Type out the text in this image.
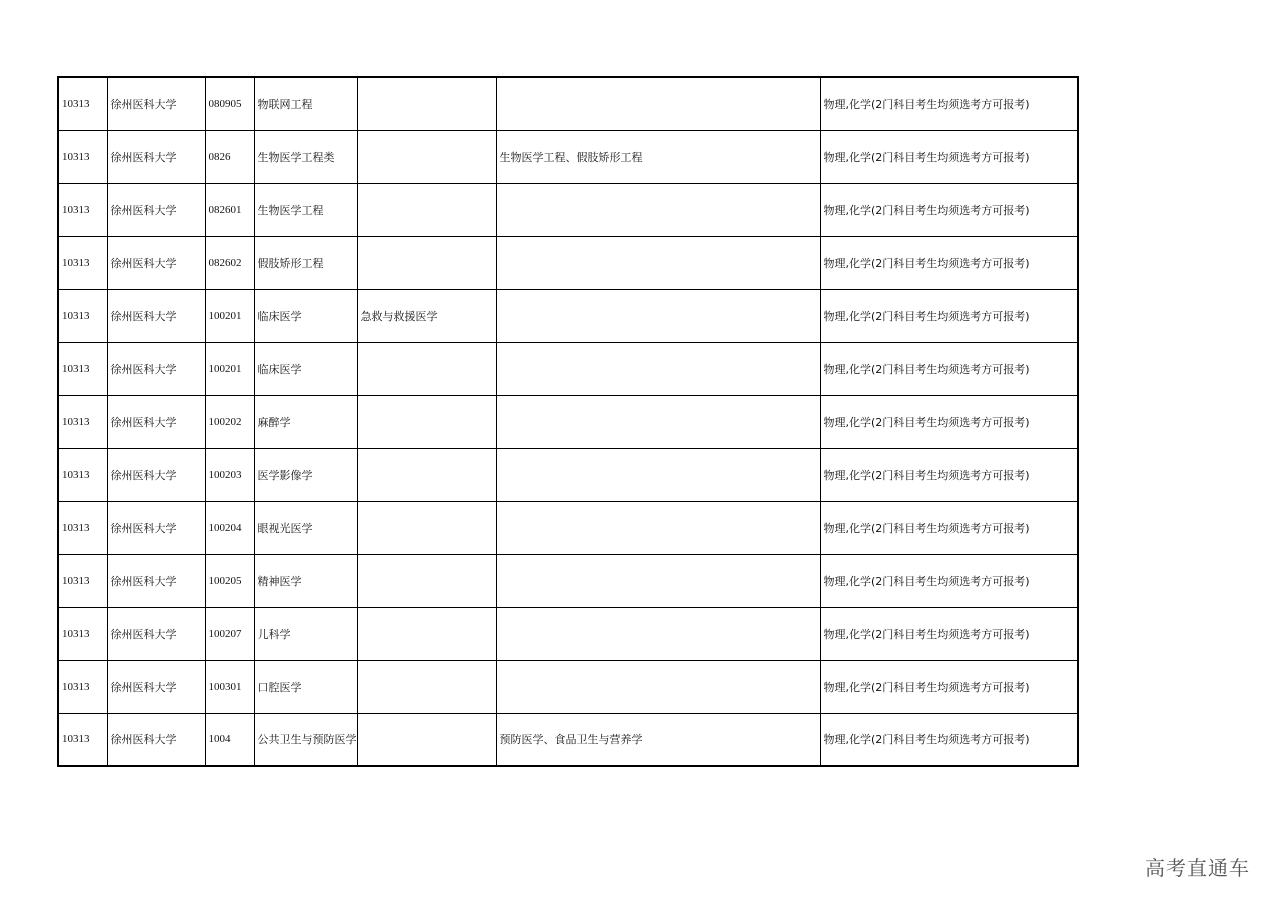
10313	徐州医科大学	080905	物联网工程			物理,化学(2门科目考生均须选考方可报考)
10313	徐州医科大学	0826	生物医学工程类		生物医学工程、假肢矫形工程	物理,化学(2门科目考生均须选考方可报考)
10313	徐州医科大学	082601	生物医学工程			物理,化学(2门科目考生均须选考方可报考)
10313	徐州医科大学	082602	假肢矫形工程			物理,化学(2门科目考生均须选考方可报考)
10313	徐州医科大学	100201	临床医学	急救与救援医学		物理,化学(2门科目考生均须选考方可报考)
10313	徐州医科大学	100201	临床医学			物理,化学(2门科目考生均须选考方可报考)
10313	徐州医科大学	100202	麻醉学			物理,化学(2门科目考生均须选考方可报考)
10313	徐州医科大学	100203	医学影像学			物理,化学(2门科目考生均须选考方可报考)
10313	徐州医科大学	100204	眼视光医学			物理,化学(2门科目考生均须选考方可报考)
10313	徐州医科大学	100205	精神医学			物理,化学(2门科目考生均须选考方可报考)
10313	徐州医科大学	100207	儿科学			物理,化学(2门科目考生均须选考方可报考)
10313	徐州医科大学	100301	口腔医学			物理,化学(2门科目考生均须选考方可报考)
10313	徐州医科大学	1004	公共卫生与预防医学		预防医学、食品卫生与营养学	物理,化学(2门科目考生均须选考方可报考)
高考直通车
